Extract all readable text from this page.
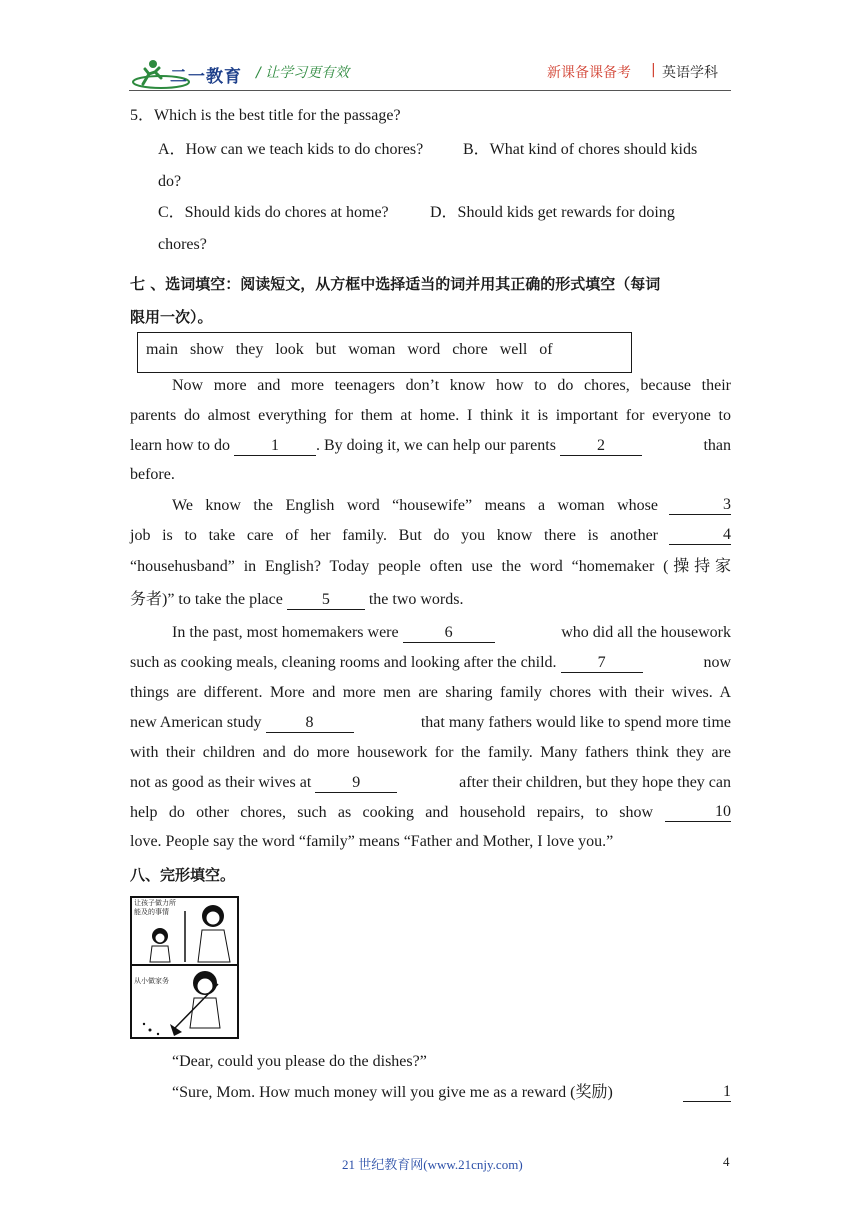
二一教育 / 让学习更有效	新课备课备考 | 英语学科
5．Which is the best title for the passage?
A．How can we teach kids to do chores? B．What kind of chores should kids
do?
C．Should kids do chores at home?	D．Should kids get rewards for doing
chores?
七 、选词填空：阅读短文，从方框中选择适当的词并用其正确的形式填空（每词
限用一次）。
main show they look but woman word chore well of
Now more and more teenagers don’t know how to do chores, because their
parents do almost everything for them at home. I think it is important for everyone to
learn how to do 1 . By doing it, we can help our parents 2	than
before.
We know the English word “housewife” means a woman whose	3
job is to take care of her family. But do you know there is another	4
“househusband” in English? Today people often use the word “homemaker (操持家
务者)” to take the place 5 the two words.
In the past, most homemakers were	6	who did all the housework
such as cooking meals, cleaning rooms and looking after the child. 7	now
things are different. More and more men are sharing family chores with their wives. A
new American study	8	that many fathers would like to spend more time
with their children and do more housework for the family. Many fathers think they are
not as good as their wives at 9	after their children, but they hope they can
help do other chores, such as cooking and household repairs, to show	10
love. People say the word “family” means “Father and Mother, I love you.”
八、完形填空。
让孩子做力所能及的事情
从小做家务
“Dear, could you please do the dishes?”
“Sure, Mom. How much money will you give me as a reward (奖励)	1
21 世纪教育网(www.21cnjy.com)	4
